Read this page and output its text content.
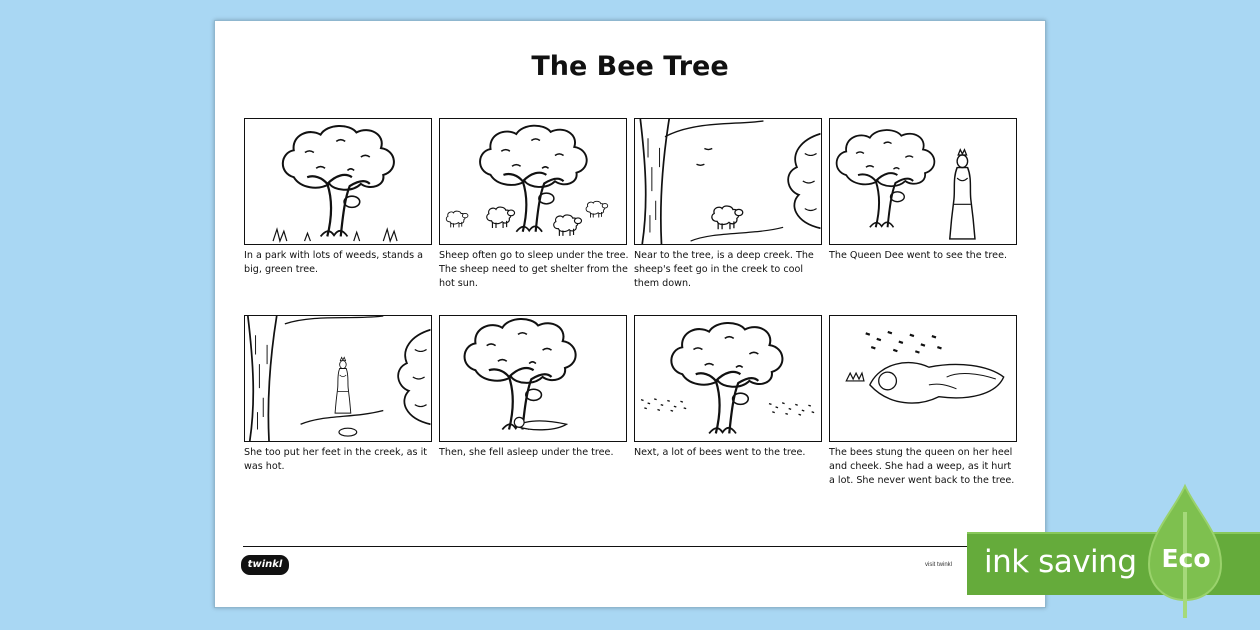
The Bee Tree
In a park with lots of weeds, stands a big, green tree.
Sheep often go to sleep under the tree. The sheep need to get shelter from the hot sun.
Near to the tree, is a deep creek. The sheep's feet go in the creek to cool them down.
The Queen Dee went to see the tree.
She too put her feet in the creek, as it was hot.
Then, she fell asleep under the tree.	Next, a lot of bees went to the tree.	The bees stung the queen on her heel and cheek. She had a weep, as it hurt a lot. She never went back to the tree.
twinkl	visit twinkl ink saving Eco
